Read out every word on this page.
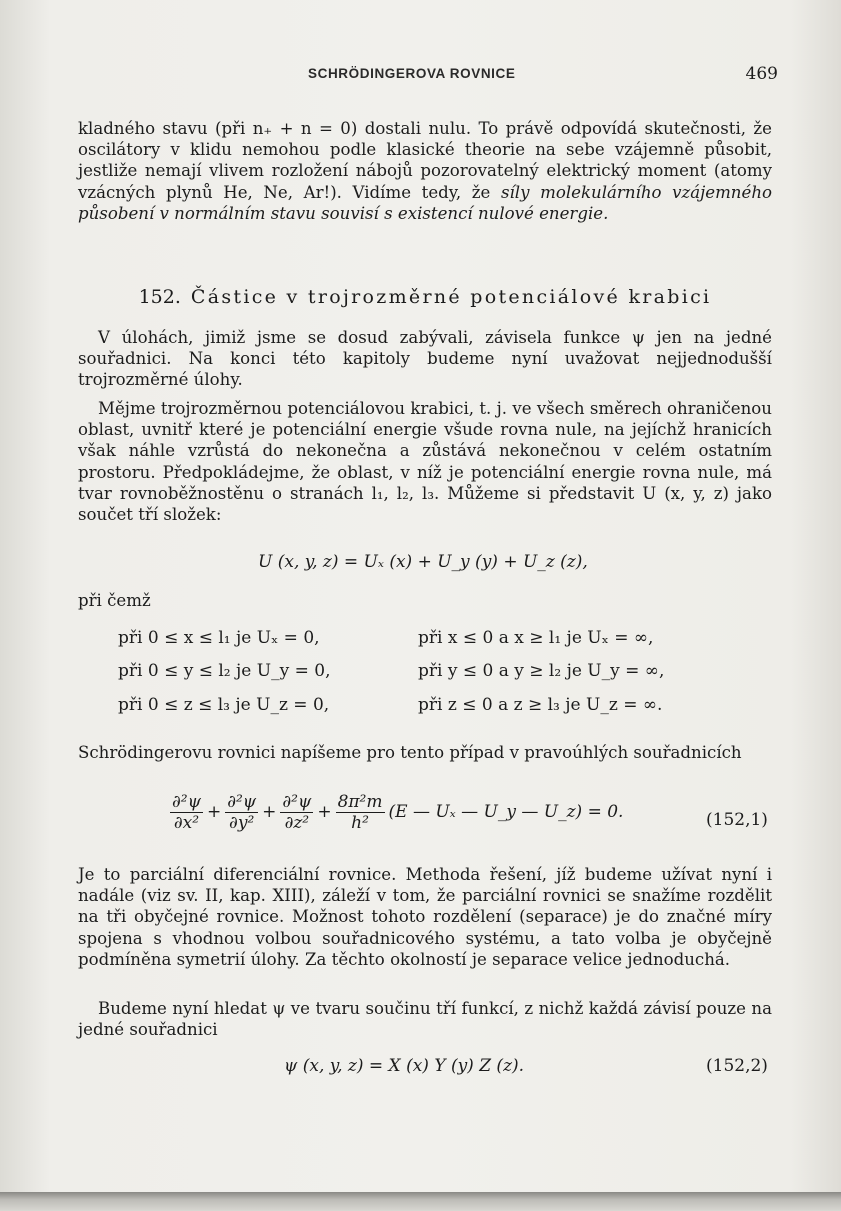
SCHRÖDINGEROVA ROVNICE	469

kladného stavu (při n₊ + n = 0) dostali nulu. To právě odpovídá skutečnosti, že oscilátory v klidu nemohou podle klasické theorie na sebe vzájemně působit, jestliže nemají vlivem rozložení nábojů pozorovatelný elektrický moment (atomy vzácných plynů He, Ne, Ar!). Vidíme tedy, že síly molekulárního vzájemného působení v normálním stavu souvisí s existencí nulové energie.

152. Částice v trojrozměrné potenciálové krabici

V úlohách, jimiž jsme se dosud zabývali, závisela funkce ψ jen na jedné souřadnici. Na konci této kapitoly budeme nyní uvažovat nejjednodušší trojrozměrné úlohy.

Mějme trojrozměrnou potenciálovou krabici, t. j. ve všech směrech ohraničenou oblast, uvnitř které je potenciální energie všude rovna nule, na jejíchž hranicích však náhle vzrůstá do nekonečna a zůstává nekonečnou v celém ostatním prostoru. Předpokládejme, že oblast, v níž je potenciální energie rovna nule, má tvar rovnoběžnostěnu o stranách l₁, l₂, l₃. Můžeme si představit U (x, y, z) jako součet tří složek:

U (x, y, z) = Uₓ (x) + U_y (y) + U_z (z),

při čemž

při 0 ≤ x ≤ l₁ je Uₓ = 0,	při x ≤ 0 a x ≥ l₁ je Uₓ = ∞,
při 0 ≤ y ≤ l₂ je U_y = 0,	při y ≤ 0 a y ≥ l₂ je U_y = ∞,
při 0 ≤ z ≤ l₃ je U_z = 0,	při z ≤ 0 a z ≥ l₃ je U_z = ∞.

Schrödingerovu rovnici napíšeme pro tento případ v pravoúhlých souřadnicích

$\frac{\text{∂²ψ}}{\text{∂x²}} + \frac{\text{∂²ψ}}{\text{∂y²}} + \frac{\text{∂²ψ}}{\text{∂z²}} + \frac{\text{8π²m}}{\text{h²}} (E$ — Uₓ — U_y — U_z) = 0.	(152,1)

Je to parciální diferenciální rovnice. Methoda řešení, jíž budeme užívat nyní i nadále (viz sv. II, kap. XIII), záleží v tom, že parciální rovnici se snažíme rozdělit na tři obyčejné rovnice. Možnost tohoto rozdělení (separace) je do značné míry spojena s vhodnou volbou souřadnicového systému, a tato volba je obyčejně podmíněna symetrií úlohy. Za těchto okolností je separace velice jednoduchá.

Budeme nyní hledat ψ ve tvaru součinu tří funkcí, z nichž každá závisí pouze na jedné souřadnici

ψ (x, y, z) = X (x) Y (y) Z (z).	(152,2)
